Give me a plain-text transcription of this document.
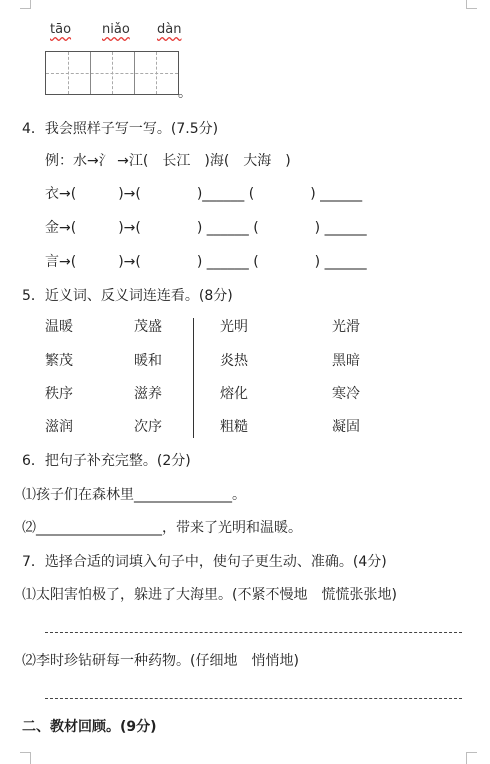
tāo niǎo dàn
。
4．我会照样子写一写。(7.5分)
例：水→氵 →江(　长江　)海(　大海　)
衣→(　　　)→(　　　　)______ (　　　　) ______
金→(　　　)→(　　　　) ______ (　　　　) ______
言→(　　　)→(　　　　) ______ (　　　　) ______
5．近义词、反义词连连看。(8分)
温暖
繁茂
秩序
滋润
茂盛
暖和
滋养
次序
光明
炎热
熔化
粗糙
光滑
黑暗
寒冷
凝固
6．把句子补充完整。(2分)
⑴孩子们在森林里______________。
⑵__________________，带来了光明和温暖。
7．选择合适的词填入句子中，使句子更生动、准确。(4分)
⑴太阳害怕极了，躲进了大海里。(不紧不慢地　慌慌张张地)
⑵李时珍钻研每一种药物。(仔细地　悄悄地)
二、教材回顾。(9分)
